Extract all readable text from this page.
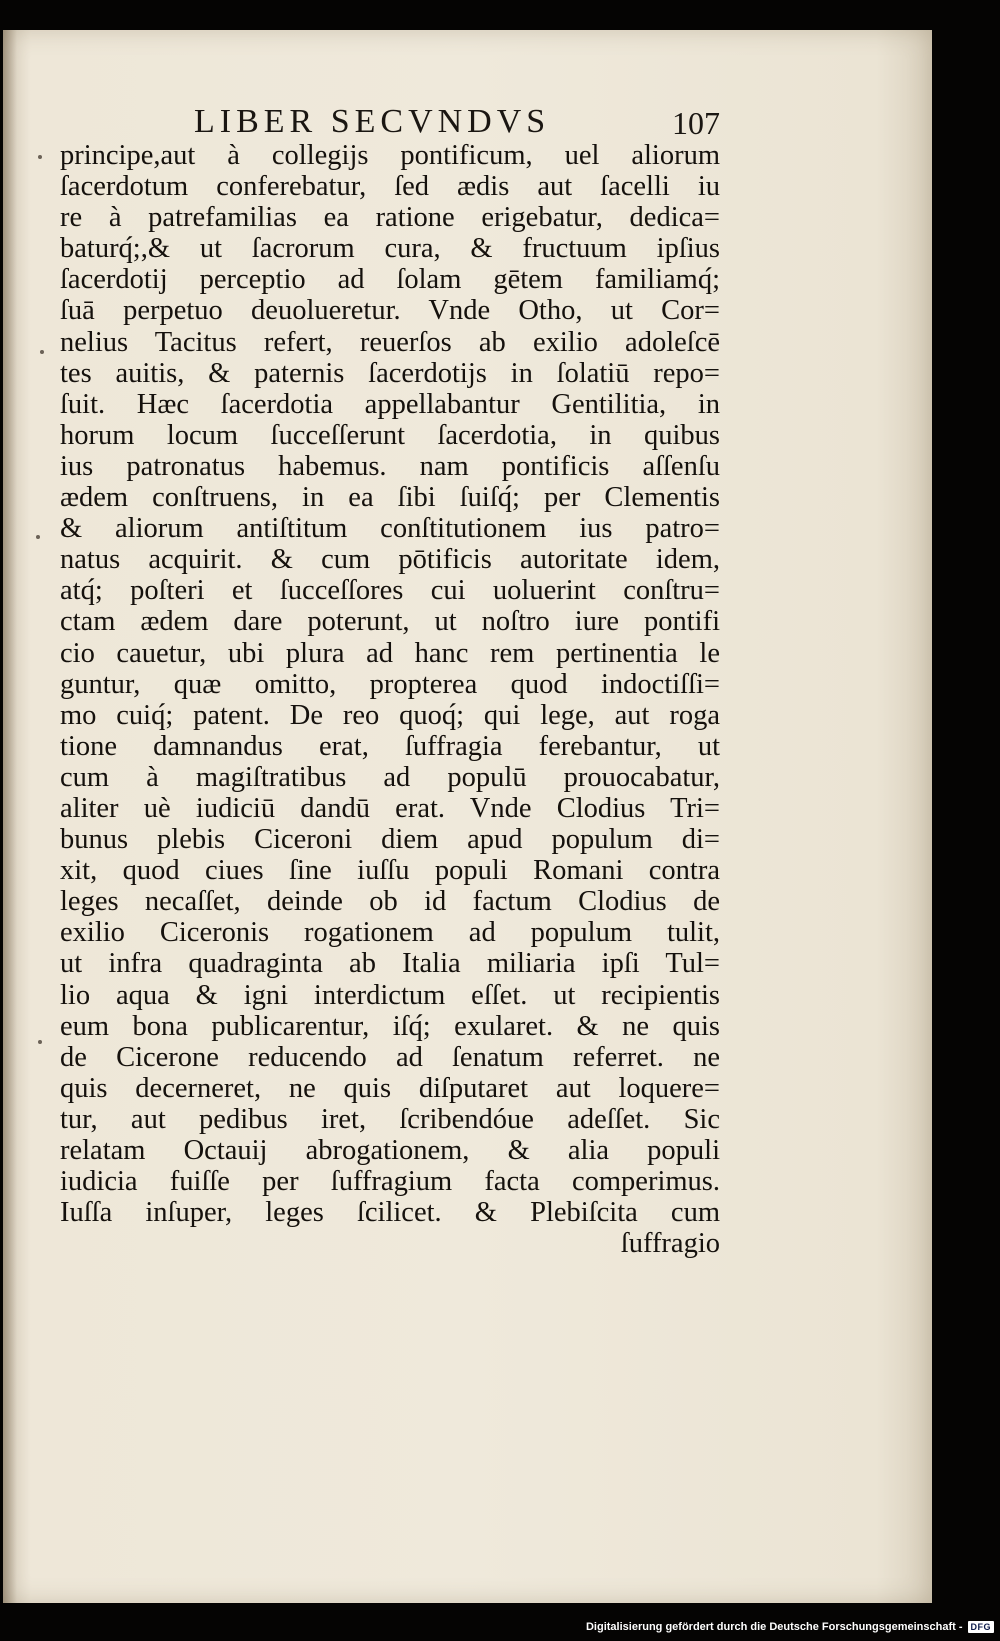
LIBER SECVNDVS	107
principe,aut à collegijs pontificum, uel aliorum
ſacerdotum conferebatur, ſed ædis aut ſacelli iu
re à patrefamilias ea ratione erigebatur, dedica=
baturq́;,& ut ſacrorum cura, & fructuum ipſius
ſacerdotij perceptio ad ſolam gētem familiamq́;
ſuā perpetuo deuolueretur. Vnde Otho, ut Cor=
nelius Tacitus refert, reuerſos ab exilio adoleſcē
tes auitis, & paternis ſacerdotijs in ſolatiū repo=
ſuit. Hæc ſacerdotia appellabantur Gentilitia, in
horum locum ſucceſſerunt ſacerdotia, in quibus
ius patronatus habemus. nam pontificis aſſenſu
ædem conſtruens, in ea ſibi ſuiſq́; per Clementis
& aliorum antiſtitum conſtitutionem ius patro=
natus acquirit. & cum pōtificis autoritate idem,
atq́; poſteri et ſucceſſores cui uoluerint conſtru=
ctam ædem dare poterunt, ut noſtro iure pontifi
cio cauetur, ubi plura ad hanc rem pertinentia le
guntur, quæ omitto, propterea quod indoctiſſi=
mo cuiq́; patent. De reo quoq́; qui lege, aut roga
tione damnandus erat, ſuffragia ferebantur, ut
cum à magiſtratibus ad populū prouocabatur,
aliter uè iudiciū dandū erat. Vnde Clodius Tri=
bunus plebis Ciceroni diem apud populum di=
xit, quod ciues ſine iuſſu populi Romani contra
leges necaſſet, deinde ob id factum Clodius de
exilio Ciceronis rogationem ad populum tulit,
ut infra quadraginta ab Italia miliaria ipſi Tul=
lio aqua & igni interdictum eſſet. ut recipientis
eum bona publicarentur, iſq́; exularet. & ne quis
de Cicerone reducendo ad ſenatum referret. ne
quis decerneret, ne quis diſputaret aut loquere=
tur, aut pedibus iret, ſcribendóue adeſſet. Sic
relatam Octauij abrogationem, & alia populi
iudicia fuiſſe per ſuffragium facta comperimus.
Iuſſa inſuper, leges ſcilicet. & Plebiſcita cum
ſuffragio
Digitalisierung gefördert durch die Deutsche Forschungsgemeinschaft - DFG
